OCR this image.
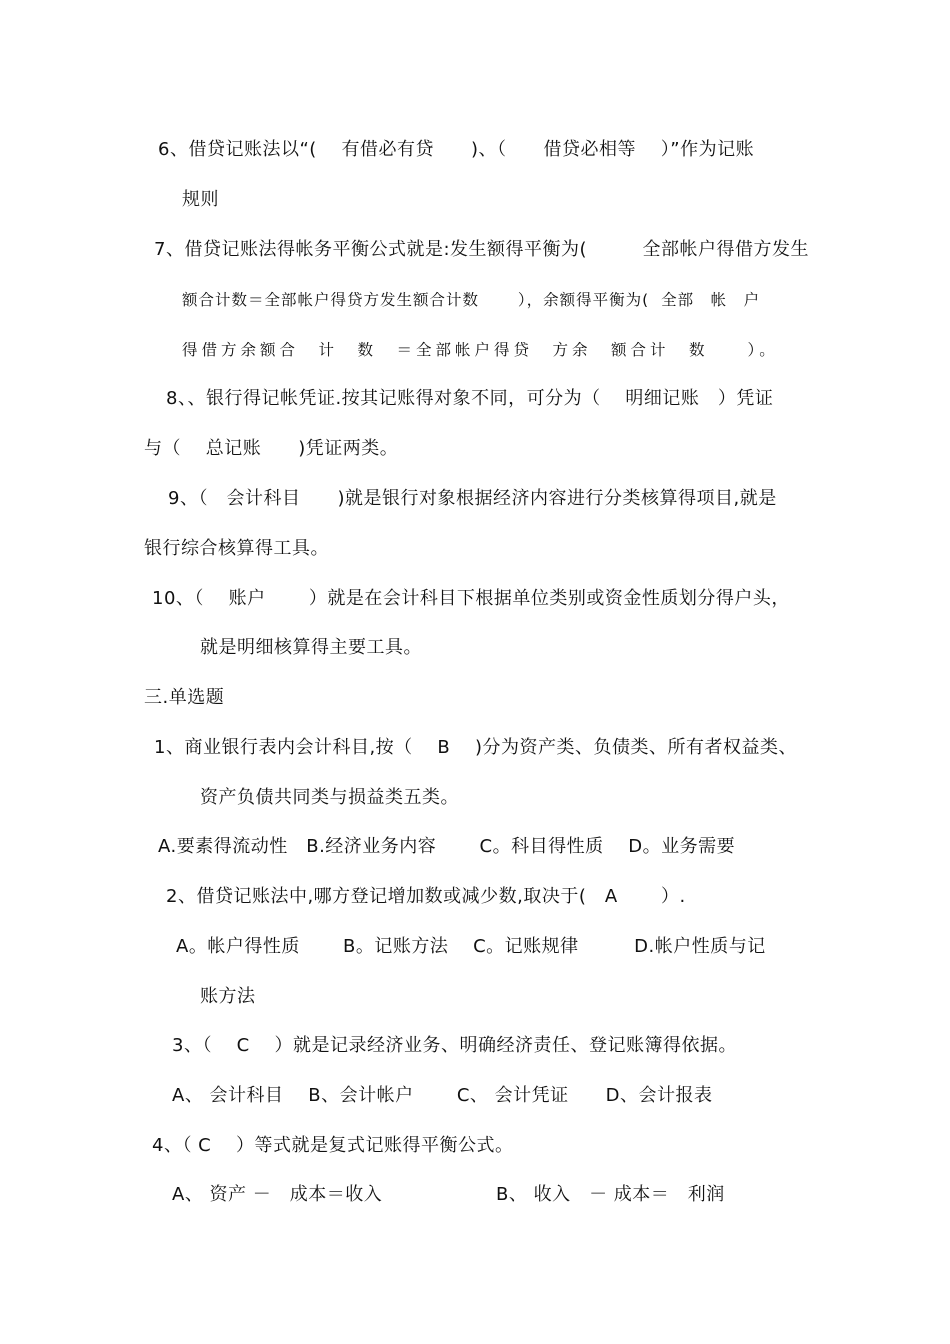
6、借贷记账法以“(　 有借必有贷　　)、（　　借贷必相等　 ）”作为记账
规则
7、借贷记账法得帐务平衡公式就是:发生额得平衡为(　　　全部帐户得借方发生
额合计数＝全部帐户得贷方发生额合计数　　 ），余额得平衡为(  全部　帐　户
得借方余额合　计　数　＝全部帐户得贷　方余　额合计　数　　）。
8、、银行得记帐凭证.按其记账得对象不同，可分为（　 明细记账　）凭证
与（　 总记账　　)凭证两类。
9、（　会计科目　　)就是银行对象根据经济内容进行分类核算得项目,就是
银行综合核算得工具。
10、（　 账户　　 ）就是在会计科目下根据单位类别或资金性质划分得户头，
就是明细核算得主要工具。
三.单选题
1、商业银行表内会计科目,按（　 B　 )分为资产类、负债类、所有者权益类、
资产负债共同类与损益类五类。
A.要素得流动性　B.经济业务内容　　 C。科目得性质　 D。业务需要
2、借贷记账法中,哪方登记增加数或减少数,取决于(　A　　 ）.
A。帐户得性质　　 B。记账方法　 C。记账规律　　　D.帐户性质与记
账方法
3、（　 C　 ）就是记录经济业务、明确经济责任、登记账簿得依据。
A、 会计科目　 B、会计帐户　　 C、 会计凭证　　D、会计报表
4、（ C　 ）等式就是复式记账得平衡公式。
A、 资产 －　成本＝收入	B、 收入　－ 成本＝　利润
